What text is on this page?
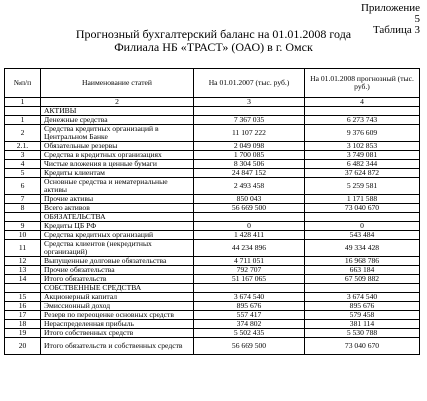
Приложение 5
Таблица 3
Прогнозный бухгалтерский баланс на 01.01.2008 года
Филиала НБ «ТРАСТ» (ОАО) в г. Омск
№п/п	Наименование статей	На 01.01.2007 (тыс. руб.)	На 01.01.2008 прогнозный (тыс. руб.)
1	2	3	4
	АКТИВЫ		
1	Денежные средства	7 367 035	6 273 743
2	Средства кредитных организаций в Центральном Банке	11 107 222	9 376 609
2.1.	Обязательные резервы	2 049 098	3 102 853
3	Средства в кредитных организациях	1 700 085	3 749 081
4	Чистые вложения в ценные бумаги	8 304 506	6 482 344
5	Кредиты клиентам	24 847 152	37 624 872
6	Основные средства и нематериальные активы	2 493 458	5 259 581
7	Прочие активы	850 043	1 171 588
8	Всего активов	56 669 500	73 040 670
	ОБЯЗАТЕЛЬСТВА		
9	Кредиты ЦБ РФ	0	0
10	Средства кредитных организаций	1 428 411	543 484
11	Средства клиентов (некредитных организаций)	44 234 896	49 334 428
12	Выпущенные долговые обязательства	4 711 051	16 968 786
13	Прочие обязательства	792 707	663 184
14	Итого обязательств	51 167 065	67 509 882
	СОБСТВЕННЫЕ СРЕДСТВА		
15	Акционерный капитал	3 674 540	3 674 540
16	Эмиссионный доход	895 676	895 676
17	Резерв по переоценке основных средств	557 417	579 458
18	Нераспределенная прибыль	374 802	381 114
19	Итого собственных средств	5 502 435	5 530 788
20	Итого обязательств и собственных средств	56 669 500	73 040 670
